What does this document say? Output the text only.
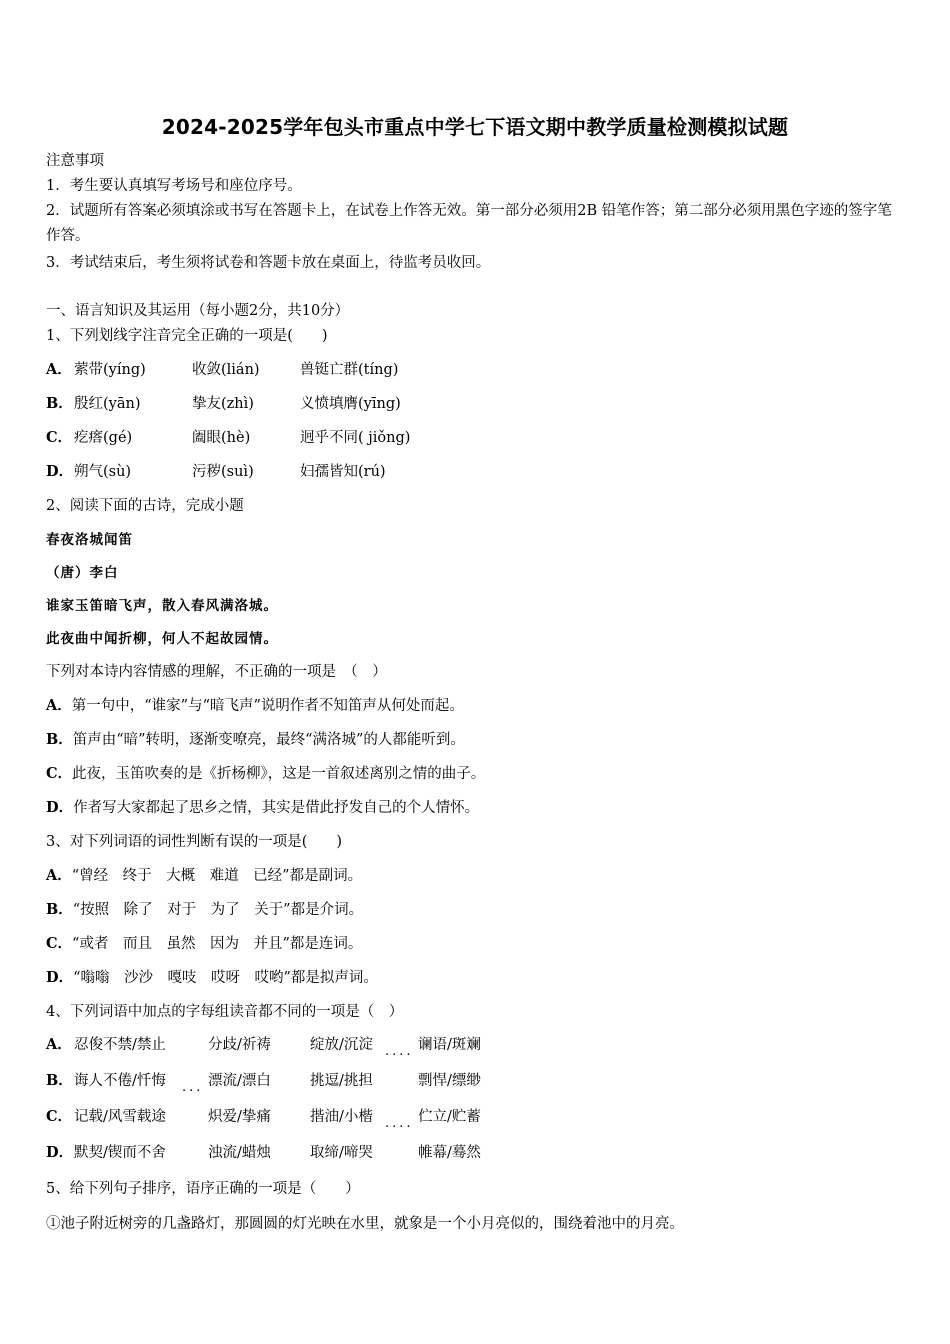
2024-2025学年包头市重点中学七下语文期中教学质量检测模拟试题
注意事项
1．考生要认真填写考场号和座位序号。
2．试题所有答案必须填涂或书写在答题卡上，在试卷上作答无效。第一部分必须用2B 铅笔作答；第二部分必须用黑色字迹的签字笔作答。
3．考试结束后，考生须将试卷和答题卡放在桌面上，待监考员收回。
一、语言知识及其运用（每小题2分，共10分）
1、下列划线字注音完全正确的一项是(　　)
A． 萦带(yíng)	收敛(lián)	兽铤亡群(tíng)
B． 殷红(yān)	挚友(zhì)	义愤填膺(yīng)
C． 疙瘩(gé)	阖眼(hè)	迥乎不同( jiǒng)
D． 朔气(sù)	污秽(suì)	妇孺皆知(rú)
2、阅读下面的古诗，完成小题
春夜洛城闻笛
（唐）李白
谁家玉笛暗飞声，散入春风满洛城。
此夜曲中闻折柳，何人不起故园情。
下列对本诗内容情感的理解，不正确的一项是　（　）
A．第一句中，“谁家”与“暗飞声”说明作者不知笛声从何处而起。
B．笛声由“暗”转明，逐渐变嘹亮，最终“满洛城”的人都能听到。
C．此夜，玉笛吹奏的是《折杨柳》，这是一首叙述离别之情的曲子。
D．作者写大家都起了思乡之情，其实是借此抒发自己的个人情怀。
3、对下列词语的词性判断有误的一项是(　　)
A．“曾经　终于　大概　难道　已经”都是副词。
B．“按照　除了　对于　为了　关于”都是介词。
C．“或者　而且　虽然　因为　并且”都是连词。
D．“嗡嗡　沙沙　嘎吱　哎呀　哎哟”都是拟声词。
4、下列词语中加点的字每组读音都不同的一项是（　）
A． 忍俊不禁/禁止	分歧/祈祷	绽放/沉淀 .... 谰语/斑斓
B． 诲人不倦/忏悔 ... 漂流/漂白	挑逗/挑担	剽悍/缥缈
C． 记载/风雪载途	炽爱/挚痛	揩油/小楷 .... 伫立/贮蓄
D． 默契/锲而不舍	浊流/蜡烛	取缔/啼哭	帷幕/蓦然
5、给下列句子排序，语序正确的一项是（　　）
①池子附近树旁的几盏路灯，那圆圆的灯光映在水里，就象是一个小月亮似的，围绕着池中的月亮。
